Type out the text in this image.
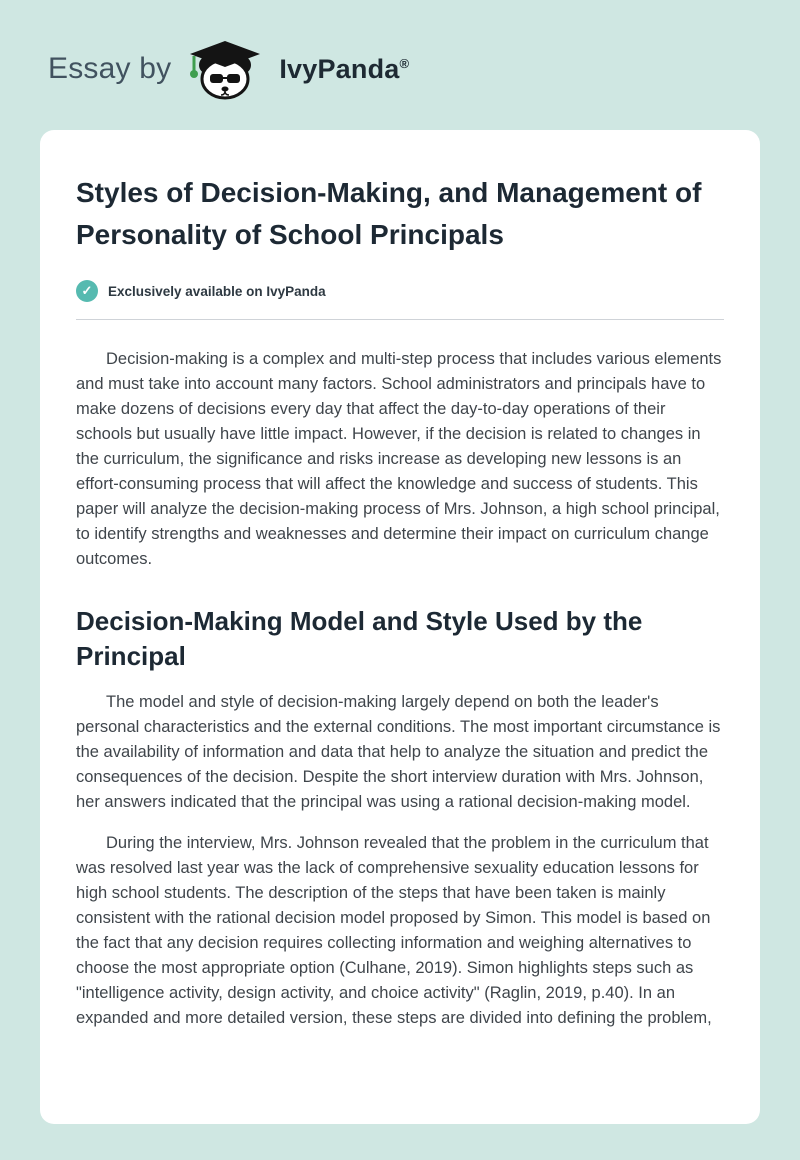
Essay by	IvyPanda®
Styles of Decision-Making, and Management of Personality of School Principals
✓	Exclusively available on IvyPanda

Decision-making is a complex and multi-step process that includes various elements and must take into account many factors. School administrators and principals have to make dozens of decisions every day that affect the day-to-day operations of their schools but usually have little impact. However, if the decision is related to changes in the curriculum, the significance and risks increase as developing new lessons is an effort-consuming process that will affect the knowledge and success of students. This paper will analyze the decision-making process of Mrs. Johnson, a high school principal, to identify strengths and weaknesses and determine their impact on curriculum change outcomes.

Decision-Making Model and Style Used by the Principal

The model and style of decision-making largely depend on both the leader's personal characteristics and the external conditions. The most important circumstance is the availability of information and data that help to analyze the situation and predict the consequences of the decision. Despite the short interview duration with Mrs. Johnson, her answers indicated that the principal was using a rational decision-making model.

During the interview, Mrs. Johnson revealed that the problem in the curriculum that was resolved last year was the lack of comprehensive sexuality education lessons for high school students. The description of the steps that have been taken is mainly consistent with the rational decision model proposed by Simon. This model is based on the fact that any decision requires collecting information and weighing alternatives to choose the most appropriate option (Culhane, 2019). Simon highlights steps such as "intelligence activity, design activity, and choice activity" (Raglin, 2019, p.40). In an expanded and more detailed version, these steps are divided into defining the problem,
